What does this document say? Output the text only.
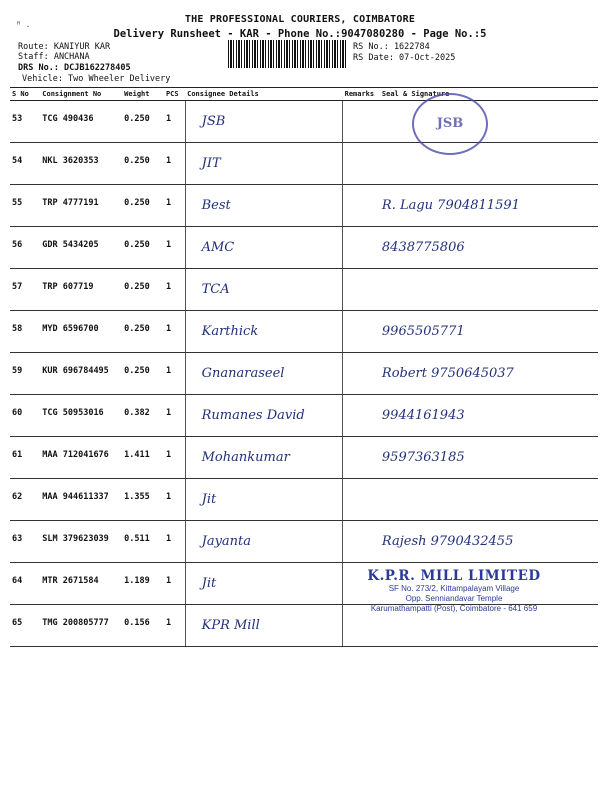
ꟸ .	THE PROFESSIONAL COURIERS, COIMBATORE
Delivery Runsheet - KAR - Phone No.:9047080280 - Page No.:5
Route: KANIYUR KAR
Staff: ANCHANA
DRS No.: DCJB162278405
Vehicle: Two Wheeler Delivery
RS No.: 1622784
RS Date: 07-Oct-2025
S No	Consignment No	Weight	PCS	Consignee Details	Remarks	Seal & Signature
53	TCG 490436	0.250	1	JSB		
54	NKL 3620353	0.250	1	JIT		
55	TRP 4777191	0.250	1	Best		R. Lagu 7904811591
56	GDR 5434205	0.250	1	AMC		8438775806
57	TRP 607719	0.250	1	TCA		
58	MYD 6596700	0.250	1	Karthick		9965505771
59	KUR 696784495	0.250	1	Gnanaraseel		Robert 9750645037
60	TCG 50953016	0.382	1	Rumanes David		9944161943
61	MAA 712041676	1.411	1	Mohankumar		9597363185
62	MAA 944611337	1.355	1	Jit		
63	SLM 379623039	0.511	1	Jayanta		Rajesh 9790432455
64	MTR 2671584	1.189	1	Jit		
65	TMG 200805777	0.156	1	KPR Mill		
JSB
K.P.R. MILL LIMITED
SF No. 273/2, Kittampalayam Village
Opp. Senniandavar Temple
Karumathampatti (Post), Coimbatore - 641 659
